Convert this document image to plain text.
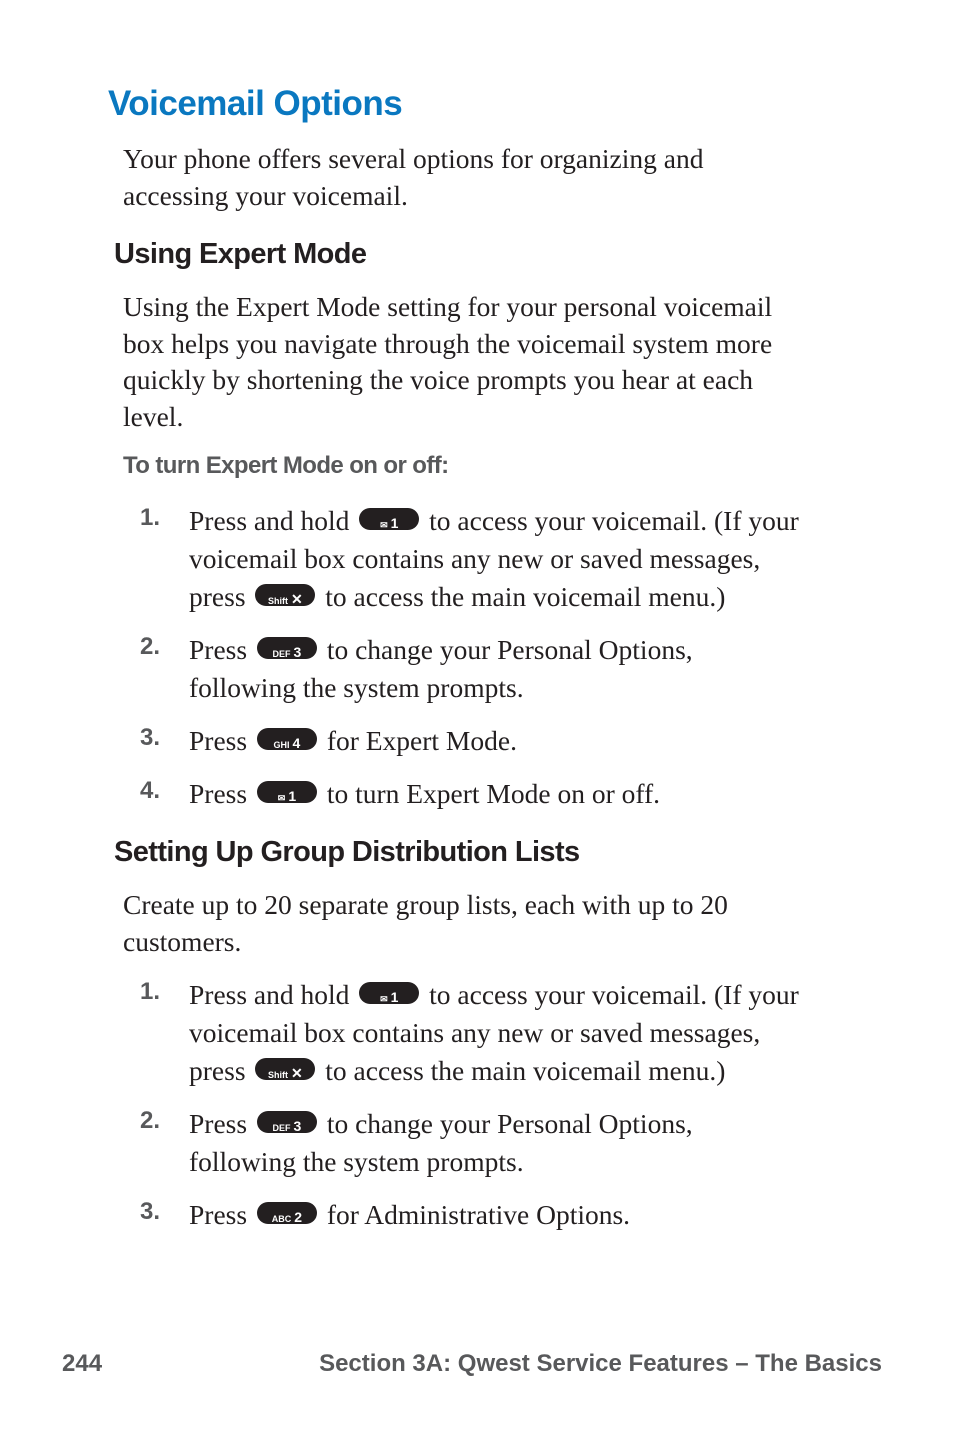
Voicemail Options
Your phone offers several options for organizing and
accessing your voicemail.
Using Expert Mode
Using the Expert Mode setting for your personal voicemail
box helps you navigate through the voicemail system more
quickly by shortening the voice prompts you hear at each
level.
To turn Expert Mode on or off:
1. Press and hold	✉ 1 to access your voicemail. (If your
voicemail box contains any new or saved messages,
press	Shift ✕ to access the main voicemail menu.)
2. Press	DEF 3 to change your Personal Options,
following the system prompts.
3. Press	GHI 4 for Expert Mode.
4. Press	✉ 1 to turn Expert Mode on or off.
Setting Up Group Distribution Lists
Create up to 20 separate group lists, each with up to 20
customers.
1. Press and hold	✉ 1 to access your voicemail. (If your
voicemail box contains any new or saved messages,
press	Shift ✕ to access the main voicemail menu.)
2. Press	DEF 3 to change your Personal Options,
following the system prompts.
3. Press	ABC 2 for Administrative Options.
244	Section 3A: Qwest Service Features – The Basics
